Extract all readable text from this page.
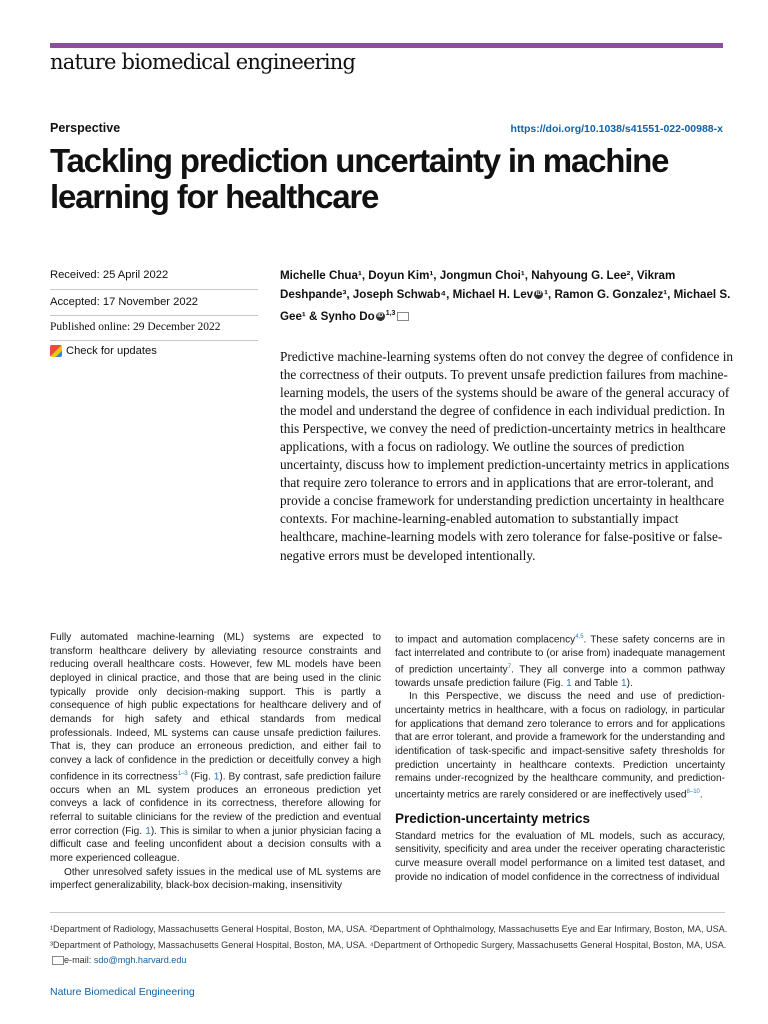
nature biomedical engineering
Perspective	https://doi.org/10.1038/s41551-022-00988-x
Tackling prediction uncertainty in machine learning for healthcare
Received: 25 April 2022
Accepted: 17 November 2022
Published online: 29 December 2022
Check for updates
Michelle Chua¹, Doyun Kim¹, Jongmun Choi¹, Nahyoung G. Lee², Vikram Deshpande³, Joseph Schwab⁴, Michael H. Lev iD ¹, Ramon G. Gonzalez¹, Michael S. Gee¹ & Synho Do iD $^{1,3}$

Predictive machine-learning systems often do not convey the degree of confidence in the correctness of their outputs. To prevent unsafe prediction failures from machine-learning models, the users of the systems should be aware of the general accuracy of the model and understand the degree of confidence in each individual prediction. In this Perspective, we convey the need of prediction-uncertainty metrics in healthcare applications, with a focus on radiology. We outline the sources of prediction uncertainty, discuss how to implement prediction-uncertainty metrics in applications that require zero tolerance to errors and in applications that are error-tolerant, and provide a concise framework for understanding prediction uncertainty in healthcare contexts. For machine-learning-enabled automation to substantially impact healthcare, machine-learning models with zero tolerance for false-positive or false-negative errors must be developed intentionally.

Fully automated machine-learning (ML) systems are expected to transform healthcare delivery by alleviating resource constraints and reducing overall healthcare costs. However, few ML models have been deployed in clinical practice, and those that are being used in the clinic typically provide only decision-making support. This is partly a consequence of high public expectations for healthcare delivery and of demands for high safety and ethical standards from medical professionals. Indeed, ML systems can cause unsafe prediction failures. That is, they can produce an erroneous prediction, and either fail to convey a lack of confidence in the prediction or deceitfully convey a high confidence in its correctness$^{1-3}$ (Fig. 1). By contrast, safe prediction failure occurs when an ML system produces an erroneous prediction yet conveys a lack of confidence in its correctness, therefore allowing for referral to suitable clinicians for the review of the prediction and eventual error correction (Fig. 1). This is similar to when a junior physician facing a difficult case and feeling unconfident about a decision consults with a more experienced colleague.

Other unresolved safety issues in the medical use of ML systems are imperfect generalizability, black-box decision-making, insensitivity

to impact and automation complacency$^{4,5}$. These safety concerns are in fact interrelated and contribute to (or arise from) inadequate management of prediction uncertainty$^7$. They all converge into a common pathway towards unsafe prediction failure (Fig. 1 and Table 1).

In this Perspective, we discuss the need and use of prediction-uncertainty metrics in healthcare, with a focus on radiology, in particular for applications that demand zero tolerance to errors and for applications that are error tolerant, and provide a framework for the understanding and identification of task-specific and impact-sensitive safety thresholds for prediction uncertainty in healthcare contexts. Prediction uncertainty remains under-recognized by the healthcare community, and prediction-uncertainty metrics are rarely considered or are ineffectively used$^{8-10}$.

Prediction-uncertainty metrics

Standard metrics for the evaluation of ML models, such as accuracy, sensitivity, specificity and area under the receiver operating characteristic curve measure overall model performance on a limited test dataset, and provide no indication of model confidence in the correctness of individual

¹Department of Radiology, Massachusetts General Hospital, Boston, MA, USA. ²Department of Ophthalmology, Massachusetts Eye and Ear Infirmary, Boston, MA, USA. ³Department of Pathology, Massachusetts General Hospital, Boston, MA, USA. ⁴Department of Orthopedic Surgery, Massachusetts General Hospital, Boston, MA, USA. e-mail: sdo@mgh.harvard.edu
Nature Biomedical Engineering
